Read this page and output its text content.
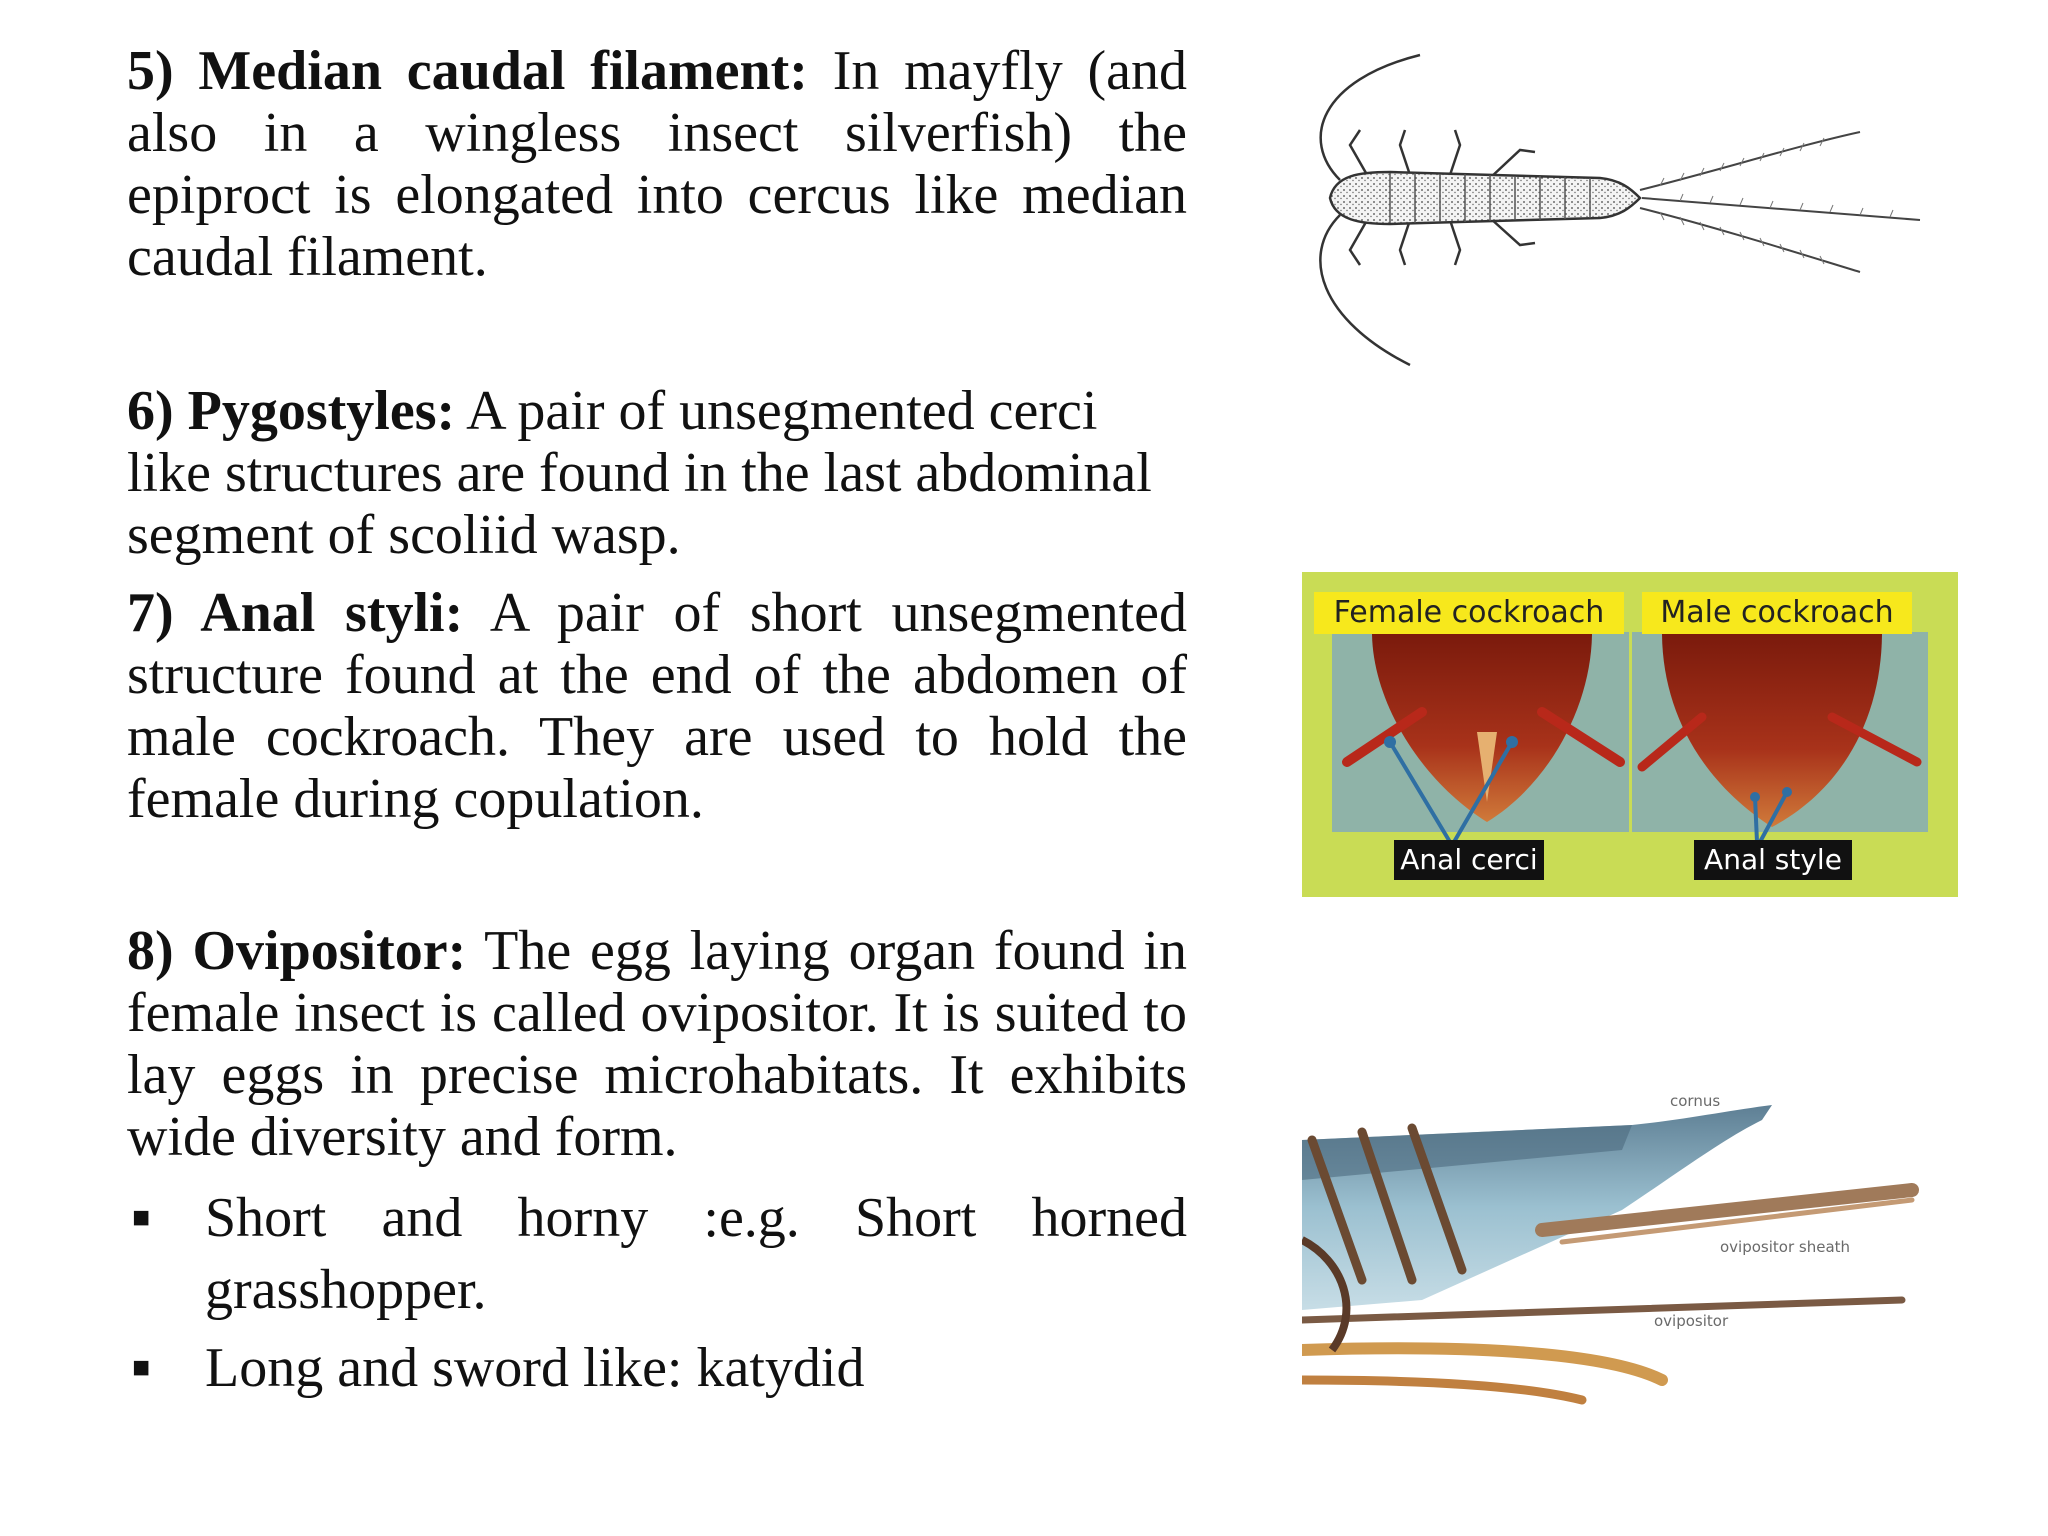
5) Median caudal filament: In mayfly (and also in a wingless insect silverfish) the epiproct is elongated into cercus like median caudal filament.
6) Pygostyles: A pair of unsegmented cerci like structures are found in the last abdominal segment of scoliid wasp.
7) Anal styli: A pair of short unsegmented structure found at the end of the abdomen of male cockroach. They are used to hold the female during copulation.
8) Ovipositor: The egg laying organ found in female insect is called ovipositor. It is suited to lay eggs in precise microhabitats. It exhibits wide diversity and form.
■ Short and horny :e.g. Short horned grasshopper.
■ Long and sword like: katydid
Female cockroach	Male cockroach
Anal cerci	Anal style
cornus
ovipositor sheath
ovipositor
